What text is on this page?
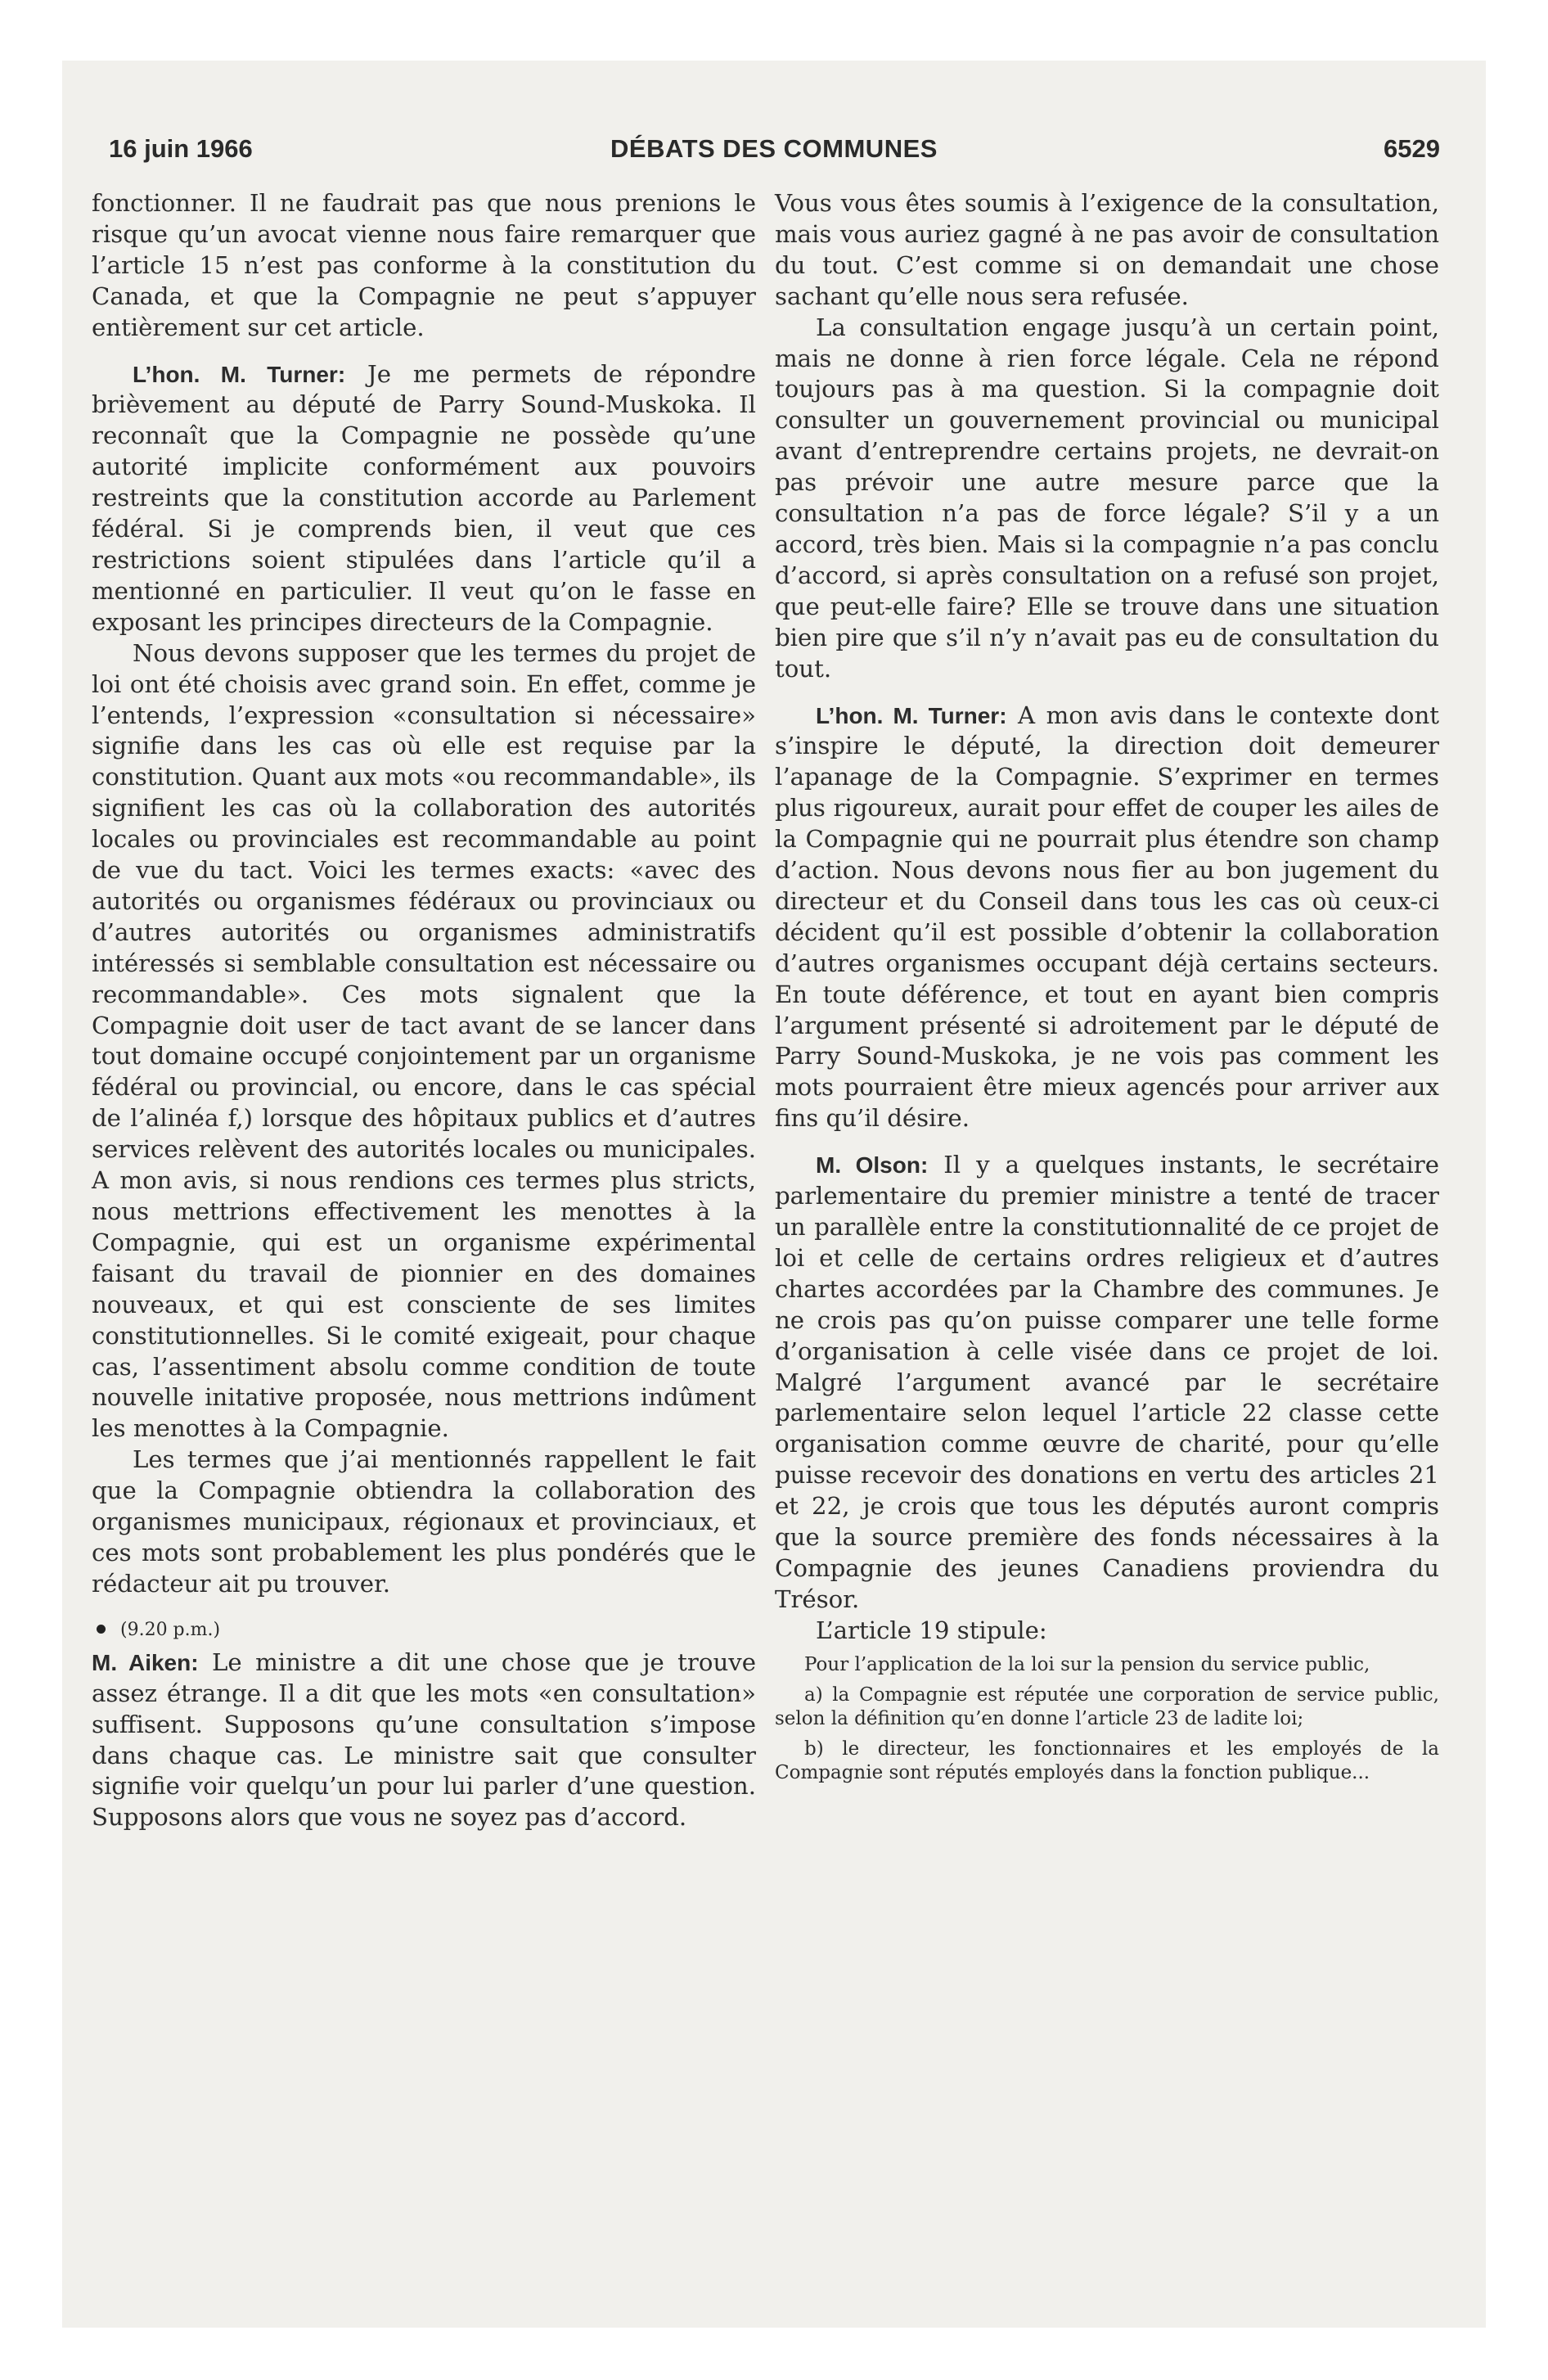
16 juin 1966	DÉBATS DES COMMUNES	6529

fonctionner. Il ne faudrait pas que nous prenions le risque qu’un avocat vienne nous faire remarquer que l’article 15 n’est pas conforme à la constitution du Canada, et que la Compagnie ne peut s’appuyer entièrement sur cet article.

L’hon. M. Turner: Je me permets de répondre brièvement au député de Parry Sound-Muskoka. Il reconnaît que la Compagnie ne possède qu’une autorité implicite conformément aux pouvoirs restreints que la constitution accorde au Parlement fédéral. Si je comprends bien, il veut que ces restrictions soient stipulées dans l’article qu’il a mentionné en particulier. Il veut qu’on le fasse en exposant les principes directeurs de la Compagnie.

Nous devons supposer que les termes du projet de loi ont été choisis avec grand soin. En effet, comme je l’entends, l’expression «consultation si nécessaire» signifie dans les cas où elle est requise par la constitution. Quant aux mots «ou recommandable», ils signifient les cas où la collaboration des autorités locales ou provinciales est recommandable au point de vue du tact. Voici les termes exacts: «avec des autorités ou organismes fédéraux ou provinciaux ou d’autres autorités ou organismes administratifs intéressés si semblable consultation est nécessaire ou recommandable». Ces mots signalent que la Compagnie doit user de tact avant de se lancer dans tout domaine occupé conjointement par un organisme fédéral ou provincial, ou encore, dans le cas spécial de l’alinéa f,) lorsque des hôpitaux publics et d’autres services relèvent des autorités locales ou municipales. A mon avis, si nous rendions ces termes plus stricts, nous mettrions effectivement les menottes à la Compagnie, qui est un organisme expérimental faisant du travail de pionnier en des domaines nouveaux, et qui est consciente de ses limites constitutionnelles. Si le comité exigeait, pour chaque cas, l’assentiment absolu comme condition de toute nouvelle initative proposée, nous mettrions indûment les menottes à la Compagnie.

Les termes que j’ai mentionnés rappellent le fait que la Compagnie obtiendra la collaboration des organismes municipaux, régionaux et provinciaux, et ces mots sont probablement les plus pondérés que le rédacteur ait pu trouver.

(9.20 p.m.)

M. Aiken: Le ministre a dit une chose que je trouve assez étrange. Il a dit que les mots «en consultation» suffisent. Supposons qu’une consultation s’impose dans chaque cas. Le ministre sait que consulter signifie voir quelqu’un pour lui parler d’une question. Supposons alors que vous ne soyez pas d’accord.

Vous vous êtes soumis à l’exigence de la consultation, mais vous auriez gagné à ne pas avoir de consultation du tout. C’est comme si on demandait une chose sachant qu’elle nous sera refusée.

La consultation engage jusqu’à un certain point, mais ne donne à rien force légale. Cela ne répond toujours pas à ma question. Si la compagnie doit consulter un gouvernement provincial ou municipal avant d’entreprendre certains projets, ne devrait-on pas prévoir une autre mesure parce que la consultation n’a pas de force légale? S’il y a un accord, très bien. Mais si la compagnie n’a pas conclu d’accord, si après consultation on a refusé son projet, que peut-elle faire? Elle se trouve dans une situation bien pire que s’il n’y n’avait pas eu de consultation du tout.

L’hon. M. Turner: A mon avis dans le contexte dont s’inspire le député, la direction doit demeurer l’apanage de la Compagnie. S’exprimer en termes plus rigoureux, aurait pour effet de couper les ailes de la Compagnie qui ne pourrait plus étendre son champ d’action. Nous devons nous fier au bon jugement du directeur et du Conseil dans tous les cas où ceux-ci décident qu’il est possible d’obtenir la collaboration d’autres organismes occupant déjà certains secteurs. En toute déférence, et tout en ayant bien compris l’argument présenté si adroitement par le député de Parry Sound-Muskoka, je ne vois pas comment les mots pourraient être mieux agencés pour arriver aux fins qu’il désire.

M. Olson: Il y a quelques instants, le secrétaire parlementaire du premier ministre a tenté de tracer un parallèle entre la constitutionnalité de ce projet de loi et celle de certains ordres religieux et d’autres chartes accordées par la Chambre des communes. Je ne crois pas qu’on puisse comparer une telle forme d’organisation à celle visée dans ce projet de loi. Malgré l’argument avancé par le secrétaire parlementaire selon lequel l’article 22 classe cette organisation comme œuvre de charité, pour qu’elle puisse recevoir des donations en vertu des articles 21 et 22, je crois que tous les députés auront compris que la source première des fonds nécessaires à la Compagnie des jeunes Canadiens proviendra du Trésor.

L’article 19 stipule:

Pour l’application de la loi sur la pension du service public,

a) la Compagnie est réputée une corporation de service public, selon la définition qu’en donne l’article 23 de ladite loi;

b) le directeur, les fonctionnaires et les employés de la Compagnie sont réputés employés dans la fonction publique...
